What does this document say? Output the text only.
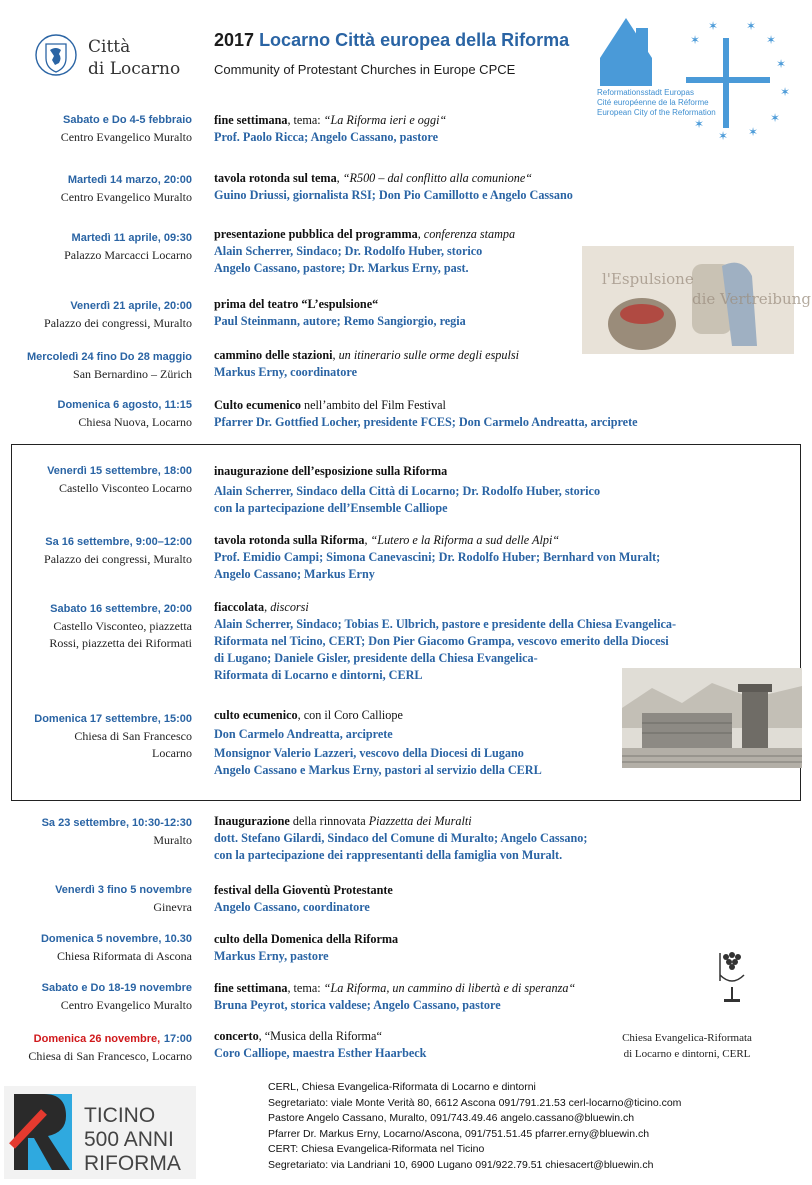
Città
di Locarno
2017 Locarno Città europea della Riforma
Community of Protestant Churches in Europe CPCE
✶
✶ ✶
✶
✶
✶
✶
✶
✶
✶
Reformationsstadt Europas
Cité européenne de la Réforme
European City of the Reformation
l'Espulsione
die Vertreibung
Chiesa Evangelica-Riformata
di Locarno e dintorni, CERL
Sabato e Do 4-5 febbraio
Centro Evangelico Muralto
fine settimana, tema: “La Riforma ieri e oggi“
Prof. Paolo Ricca; Angelo Cassano, pastore
Martedì 14 marzo, 20:00
Centro Evangelico Muralto
tavola rotonda sul tema, “R500 – dal conflitto alla comunione“
Guino Driussi, giornalista RSI; Don Pio Camillotto e Angelo Cassano
Martedì 11 aprile, 09:30
Palazzo Marcacci Locarno
presentazione pubblica del programma, conferenza stampa
Alain Scherrer, Sindaco; Dr. Rodolfo Huber, storico
Angelo Cassano, pastore; Dr. Markus Erny, past.
Venerdì 21 aprile, 20:00
Palazzo dei congressi, Muralto
prima del teatro “L’espulsione“
Paul Steinmann, autore; Remo Sangiorgio, regia
Mercoledì 24 fino Do 28 maggio
San Bernardino – Zürich
cammino delle stazioni, un itinerario sulle orme degli espulsi
Markus Erny, coordinatore
Domenica 6 agosto, 11:15
Chiesa Nuova, Locarno
Culto ecumenico nell’ambito del Film Festival
Pfarrer Dr. Gottfied Locher, presidente FCES; Don Carmelo Andreatta, arciprete
Venerdì 15 settembre, 18:00
Castello Visconteo Locarno
inaugurazione dell’esposizione sulla Riforma
Alain Scherrer, Sindaco della Città di Locarno; Dr. Rodolfo Huber, storico
con la partecipazione dell’Ensemble Calliope
Sa 16 settembre, 9:00–12:00
Palazzo dei congressi, Muralto
tavola rotonda sulla Riforma, “Lutero e la Riforma a sud delle Alpi“
Prof. Emidio Campi; Simona Canevascini; Dr. Rodolfo Huber; Bernhard von Muralt;
Angelo Cassano; Markus Erny
Sabato 16 settembre, 20:00
Castello Visconteo, piazzetta
Rossi, piazzetta dei Riformati
fiaccolata, discorsi
Alain Scherrer, Sindaco; Tobias E. Ulbrich, pastore e presidente della Chiesa Evangelica-
Riformata nel Ticino, CERT; Don Pier Giacomo Grampa, vescovo emerito della Diocesi
di Lugano; Daniele Gisler, presidente della Chiesa Evangelica-
Riformata di Locarno e dintorni, CERL
Domenica 17 settembre, 15:00
Chiesa di San Francesco
Locarno
culto ecumenico, con il Coro Calliope
Don Carmelo Andreatta, arciprete
Monsignor Valerio Lazzeri, vescovo della Diocesi di Lugano
Angelo Cassano e Markus Erny, pastori al servizio della CERL
Sa 23 settembre, 10:30-12:30
Muralto
Inaugurazione della rinnovata Piazzetta dei Muralti
dott. Stefano Gilardi, Sindaco del Comune di Muralto; Angelo Cassano;
con la partecipazione dei rappresentanti della famiglia von Muralt.
Venerdì 3 fino 5 novembre
Ginevra
festival della Gioventù Protestante
Angelo Cassano, coordinatore
Domenica 5 novembre, 10.30
Chiesa Riformata di Ascona
culto della Domenica della Riforma
Markus Erny, pastore
Sabato e Do 18-19 novembre
Centro Evangelico Muralto
fine settimana, tema: “La Riforma, un cammino di libertà e di speranza“
Bruna Peyrot, storica valdese; Angelo Cassano, pastore
Domenica 26 novembre, 17:00
Chiesa di San Francesco, Locarno
concerto, “Musica della Riforma“
Coro Calliope, maestra Esther Haarbeck
TICINO
500 ANNI
RIFORMA
CERL, Chiesa Evangelica-Riformata di Locarno e dintorni
Segretariato: viale Monte Verità 80, 6612 Ascona 091/791.21.53 cerl-locarno@ticino.com
Pastore Angelo Cassano, Muralto, 091/743.49.46 angelo.cassano@bluewin.ch
Pfarrer Dr. Markus Erny, Locarno/Ascona, 091/751.51.45 pfarrer.erny@bluewin.ch
CERT: Chiesa Evangelica-Riformata nel Ticino
Segretariato: via Landriani 10, 6900 Lugano 091/922.79.51 chiesacert@bluewin.ch
